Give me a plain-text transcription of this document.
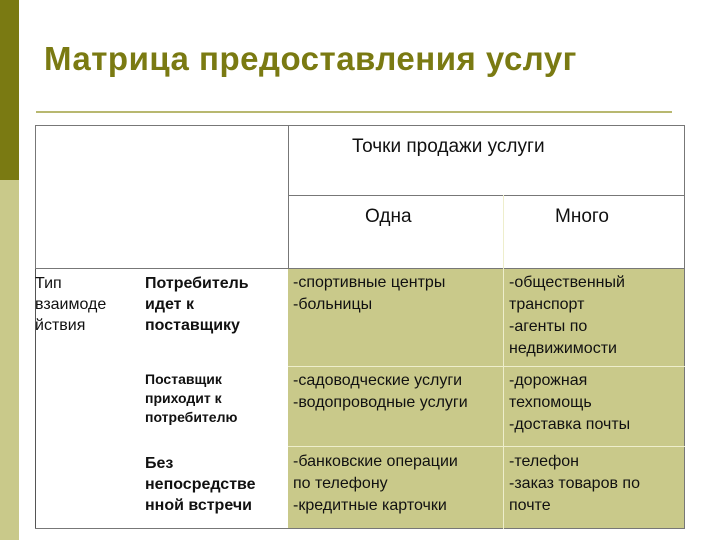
Матрица предоставления услуг
Точки продажи услуги
Одна	Много
Тип
взаимоде
йствия
Потребитель
идет к
поставщику
-спортивные центры
-больницы
-общественный
транспорт
-агенты по
недвижимости
Поставщик
приходит к
потребителю
-садоводческие услуги
-водопроводные услуги
-дорожная
техпомощь
-доставка почты
Без
непосредстве
нной встречи
-банковские операции
по телефону
-кредитные карточки
-телефон
-заказ товаров по
почте
